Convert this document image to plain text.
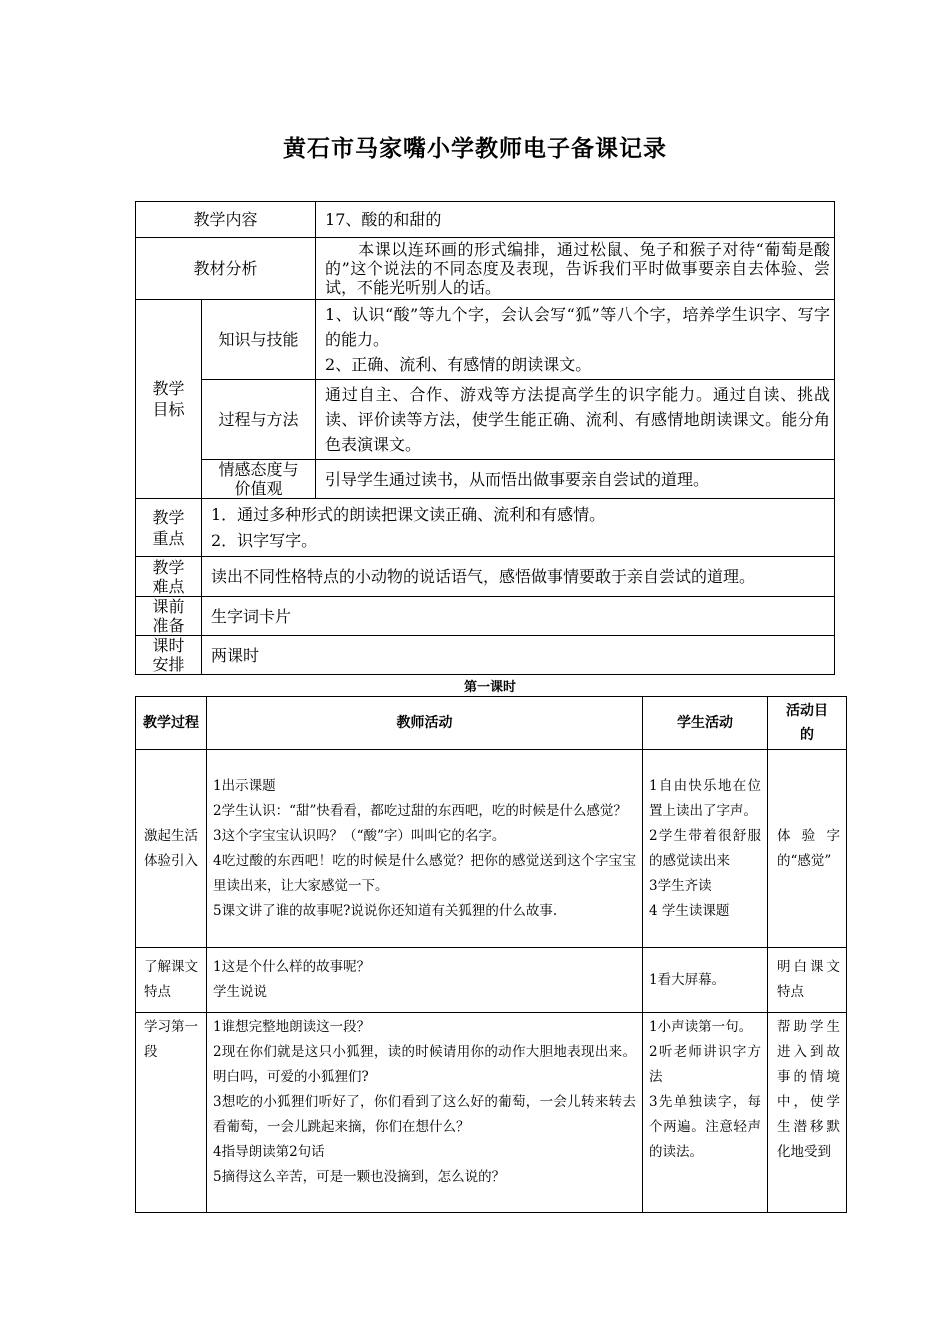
黄石市马家嘴小学教师电子备课记录
教学内容		17、酸的和甜的
教材分析		　　本课以连环画的形式编排，通过松鼠、兔子和猴子对待“葡萄是酸的”这个说法的不同态度及表现，告诉我们平时做事要亲自去体验、尝试，不能光听别人的话。
教学目标	知识与技能	1、认识“酸”等九个字，会认会写“狐”等八个字，培养学生识字、写字的能力。
2、正确、流利、有感情的朗读课文。

	过程与方法	通过自主、合作、游戏等方法提高学生的识字能力。通过自读、挑战读、评价读等方法，使学生能正确、流利、有感情地朗读课文。能分角色表演课文。
	情感态度与价值观	引导学生通过读书，从而悟出做事要亲自尝试的道理。
教学重点	1．通过多种形式的朗读把课文读正确、流利和有感情。
2．识字写字。	

教学难点	读出不同性格特点的小动物的说话语气，感悟做事情要敢于亲自尝试的道理。	
课前准备	生字词卡片	
课时安排	两课时	
第一课时
教学过程	教师活动	学生活动	活动目的
激起生活体验引入	1出示课题
2学生认识：“甜”快看看，都吃过甜的东西吧，吃的时候是什么感觉？
3这个字宝宝认识吗？（“酸”字）叫叫它的名字。
4吃过酸的东西吧！吃的时候是什么感觉？把你的感觉送到这个字宝宝里读出来，让大家感觉一下。
5课文讲了谁的故事呢?说说你还知道有关狐狸的什么故事.	1自由快乐地在位置上读出了字声。
2学生带着很舒服的感觉读出来
3学生齐读
4 学生读课题	体验字的“感觉”
了解课文特点	1这是个什么样的故事呢？
学生说说	1看大屏幕。	明白课文特点
学习第一段	1谁想完整地朗读这一段？
2现在你们就是这只小狐狸，读的时候请用你的动作大胆地表现出来。明白吗，可爱的小狐狸们?
3想吃的小狐狸们听好了，你们看到了这么好的葡萄，一会儿转来转去看葡萄，一会儿跳起来摘，你们在想什么？
4指导朗读第2句话
5摘得这么辛苦，可是一颗也没摘到，怎么说的？	1小声读第一句。
2听老师讲识字方法
3先单独读字，每个两遍。注意轻声的读法。	帮助学生进入到故事的情境中，使学生潜移默化地受到
